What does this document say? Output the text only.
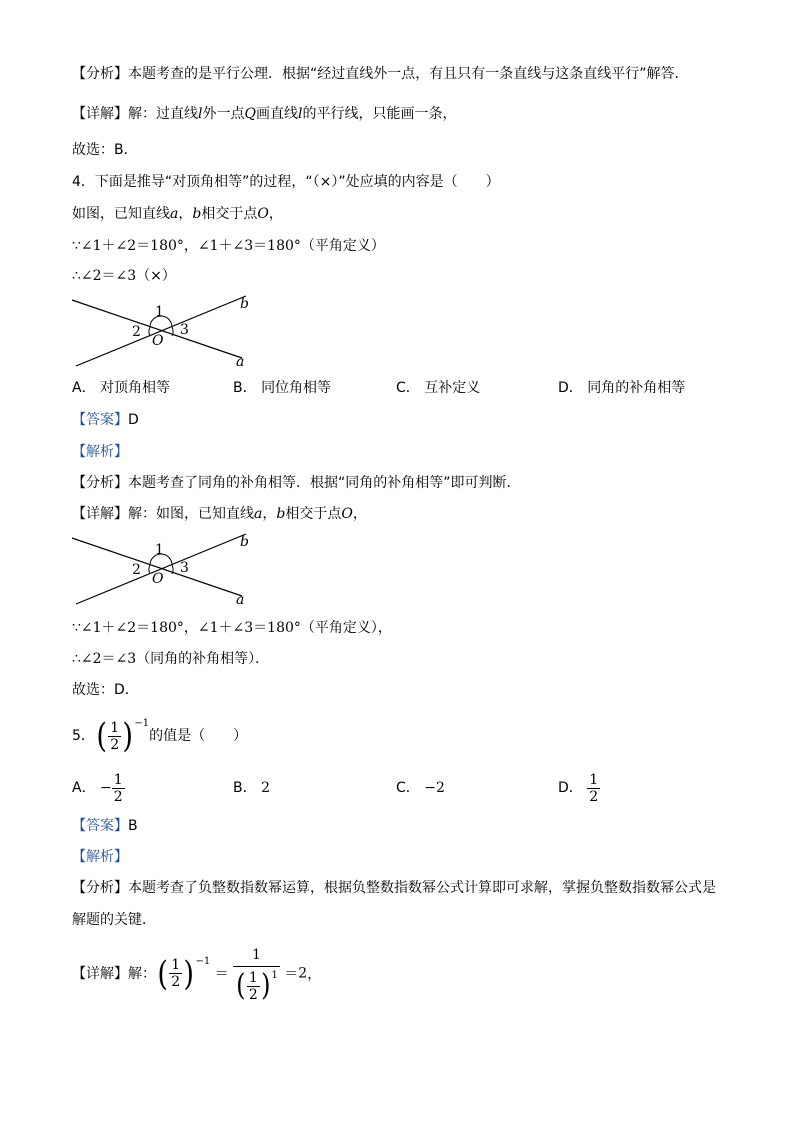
【分析】本题考查的是平行公理．根据“经过直线外一点，有且只有一条直线与这条直线平行”解答．
【详解】解：过直线l外一点Q画直线l的平行线，只能画一条，
故选：B．
4．下面是推导“对顶角相等”的过程，“（×）”处应填的内容是（　　）
如图，已知直线a，b相交于点O，
∵∠1＋∠2＝180°，∠1＋∠3＝180°（平角定义）
∴∠2＝∠3（×）
1
2	3
O
a
b
A． 对顶角相等	B． 同位角相等	C． 互补定义	D． 同角的补角相等
【答案】D
【解析】
【分析】本题考查了同角的补角相等．根据“同角的补角相等”即可判断．
【详解】解：如图，已知直线a，b相交于点O，
1
2	3
O
a
b
∵∠1＋∠2＝180°，∠1＋∠3＝180°（平角定义），
∴∠2＝∠3（同角的补角相等）．
故选：D．
5．( $\frac{1}{2} )^{-1}$的值是（　　）
A． − $\frac{1}{2}$	B． 2	C． −2	D． $\frac{1}{2}$
【答案】B
【解析】
【分析】本题考查了负整数指数幂运算，根据负整数指数幂公式计算即可求解，掌握负整数指数幂公式是
解题的关键．
【详解】解： ( $\frac{1}{2} )^{-1} = \frac{1}{( \frac{1}{2} )^1} =2$，
